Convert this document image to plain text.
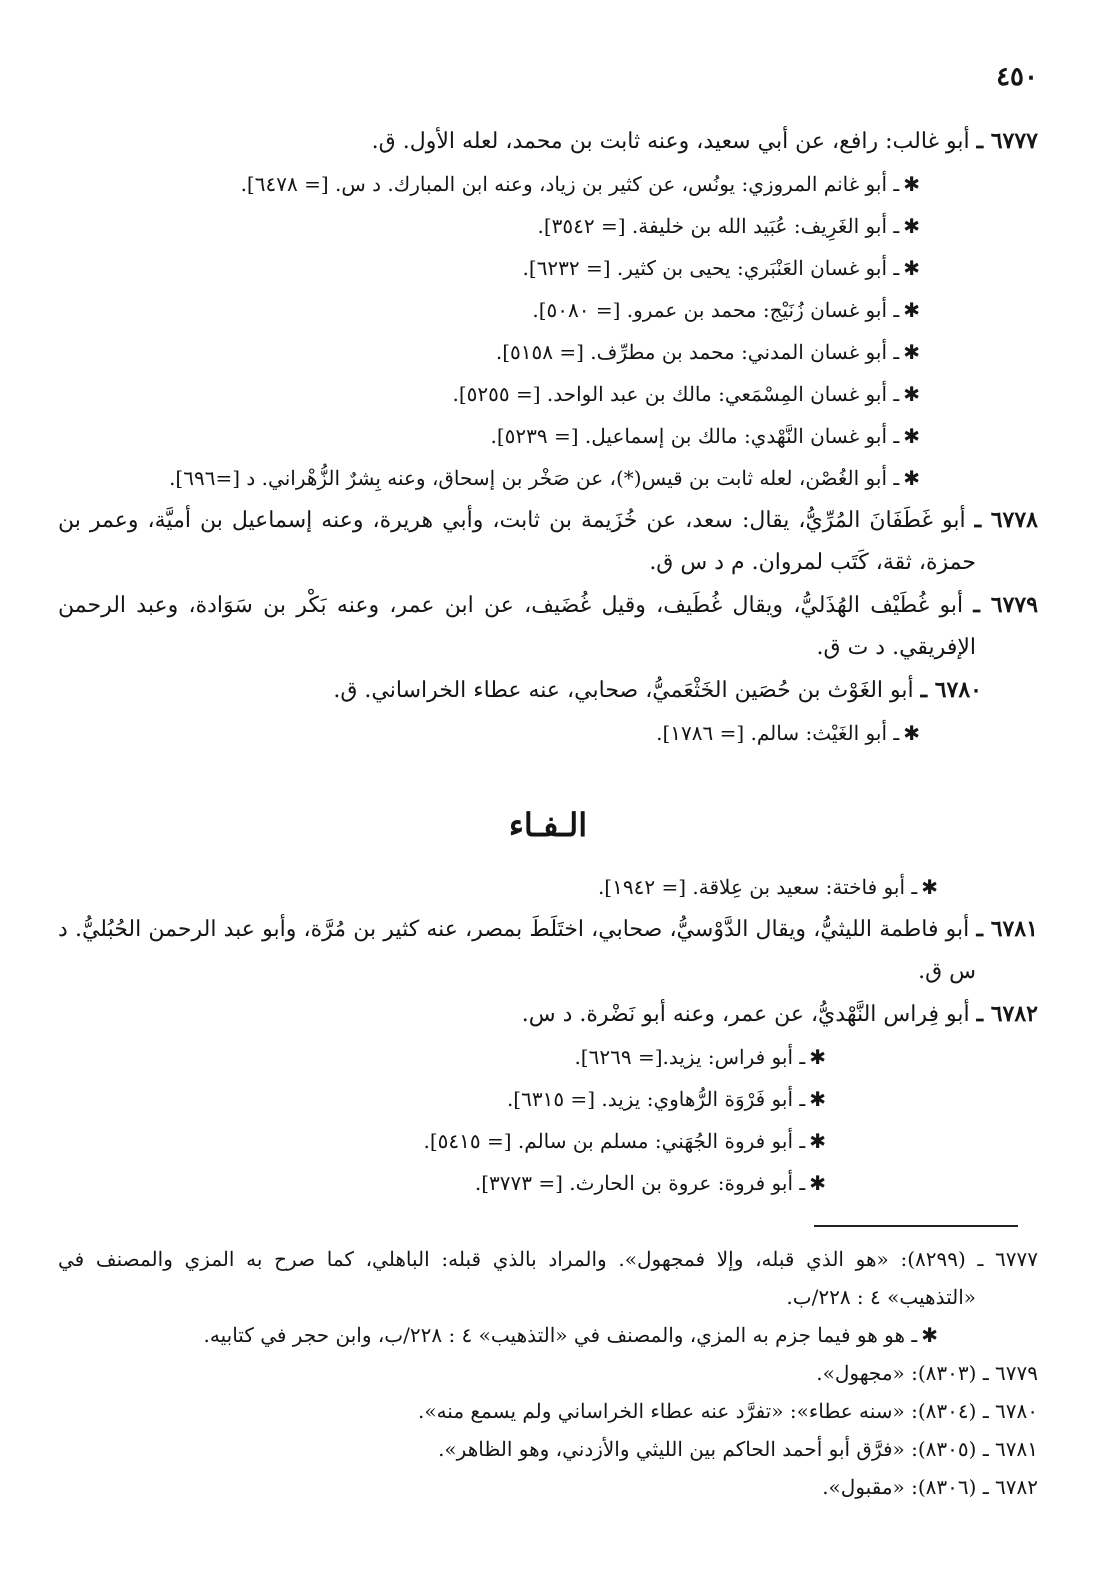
٤٥٠
٦٧٧٧ ـ أبو غالب: رافع، عن أبي سعيد، وعنه ثابت بن محمد، لعله الأول. ق.
✱ـ أبو غانم المروزي: يونُس، عن كثير بن زياد، وعنه ابن المبارك. د س. [= ٦٤٧٨].
✱ـ أبو الغَرِيف: عُبَيد الله بن خليفة. [= ٣٥٤٢].
✱ـ أبو غسان العَنْبَري: يحيى بن كثير. [= ٦٢٣٢].
✱ـ أبو غسان زُنَيْج: محمد بن عمرو. [= ٥٠٨٠].
✱ـ أبو غسان المدني: محمد بن مطرِّف. [= ٥١٥٨].
✱ـ أبو غسان المِسْمَعي: مالك بن عبد الواحد. [= ٥٢٥٥].
✱ـ أبو غسان النَّهْدي: مالك بن إسماعيل. [= ٥٢٣٩].
✱ـ أبو الغُصْن، لعله ثابت بن قيس(*)، عن صَخْر بن إسحاق، وعنه بِشرٌ الزُّهْراني. د [=٦٩٦].
٦٧٧٨ ـ أبو غَطَفَانَ المُرِّيُّ، يقال: سعد، عن خُزَيمة بن ثابت، وأبي هريرة، وعنه إسماعيل بن أميَّة، وعمر بن حمزة، ثقة، كَتَب لمروان. م د س ق.
٦٧٧٩ ـ أبو غُطَيْف الهُذَليُّ، ويقال غُطَيف، وقيل غُضَيف، عن ابن عمر، وعنه بَكْر بن سَوَادة، وعبد الرحمن الإفريقي. د ت ق.
٦٧٨٠ ـ أبو الغَوْث بن حُصَين الخَثْعَميُّ، صحابي، عنه عطاء الخراساني. ق.
✱ـ أبو الغَيْث: سالم. [= ١٧٨٦].
الـفـاء
✱ـ أبو فاختة: سعيد بن عِلاقة. [= ١٩٤٢].
٦٧٨١ ـ أبو فاطمة الليثيُّ، ويقال الدَّوْسيُّ، صحابي، اختَلَطَ بمصر، عنه كثير بن مُرَّة، وأبو عبد الرحمن الحُبُليُّ. د س ق.
٦٧٨٢ ـ أبو فِراس النَّهْديُّ، عن عمر، وعنه أبو نَضْرة. د س.
✱ـ أبو فراس: يزيد.[= ٦٢٦٩].
✱ـ أبو فَرْوَة الرُّهاوي: يزيد. [= ٦٣١٥].
✱ـ أبو فروة الجُهَني: مسلم بن سالم. [= ٥٤١٥].
✱ـ أبو فروة: عروة بن الحارث. [= ٣٧٧٣].
٦٧٧٧ ـ (٨٢٩٩): «هو الذي قبله، وإلا فمجهول». والمراد بالذي قبله: الباهلي، كما صرح به المزي والمصنف في «التذهيب» ٤ : ٢٢٨/ب.
✱ـ هو هو فيما جزم به المزي، والمصنف في «التذهيب» ٤ : ٢٢٨/ب، وابن حجر في كتابيه.
٦٧٧٩ ـ (٨٣٠٣): «مجهول».
٦٧٨٠ ـ (٨٣٠٤): «سنه عطاء»: «تفرَّد عنه عطاء الخراساني ولم يسمع منه».
٦٧٨١ ـ (٨٣٠٥): «فرَّق أبو أحمد الحاكم بين الليثي والأزدني، وهو الظاهر».
٦٧٨٢ ـ (٨٣٠٦): «مقبول».
